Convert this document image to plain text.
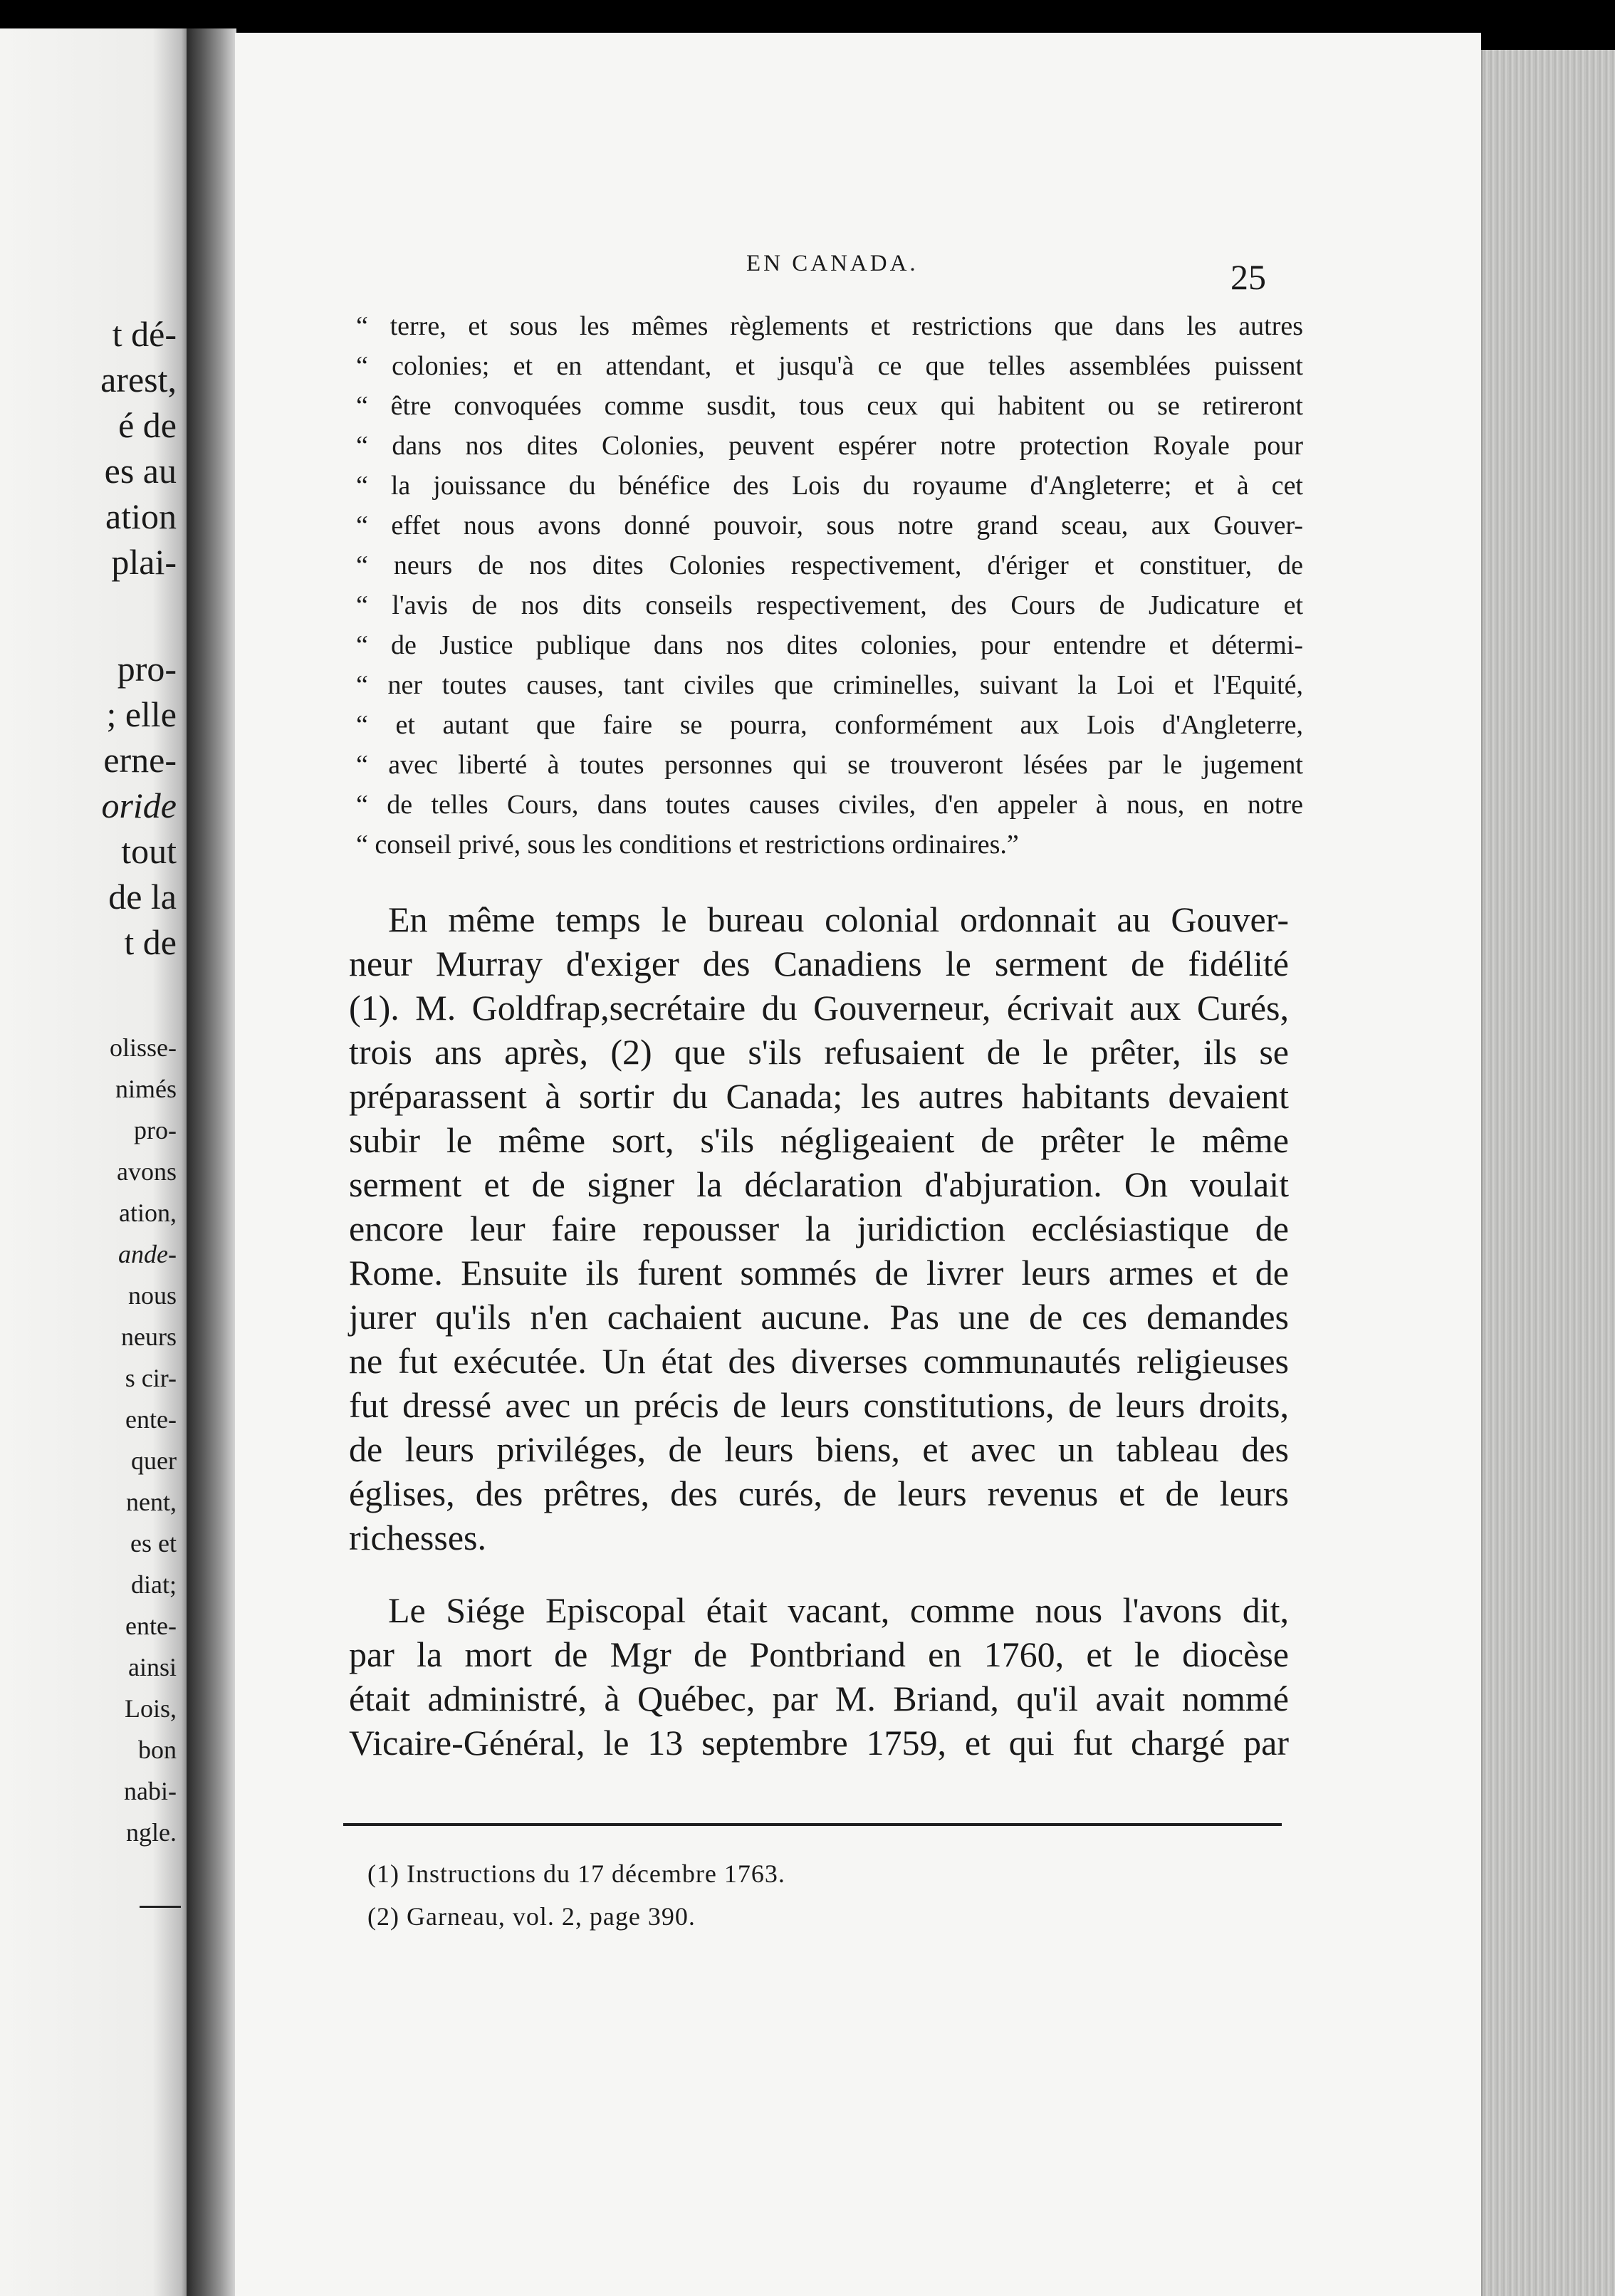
t dé-
arest,
é de
es au
ation
plai-
pro-
; elle
erne-
oride
tout
de la
t de
olisse-
nimés
pro-
avons
ation,
ande-
nous
neurs
s cir-
ente-
quer
nent,
es et
diat;
ente-
ainsi
Lois,
bon
nabi-
ngle.
EN CANADA.	25
“ terre, et sous les mêmes règlements et restrictions que dans les autres
“ colonies; et en attendant, et jusqu'à ce que telles assemblées puissent
“ être convoquées comme susdit, tous ceux qui habitent ou se retireront
“ dans nos dites Colonies, peuvent espérer notre protection Royale pour
“ la jouissance du bénéfice des Lois du royaume d'Angleterre; et à cet
“ effet nous avons donné pouvoir, sous notre grand sceau, aux Gouver-
“ neurs de nos dites Colonies respectivement, d'ériger et constituer, de
“ l'avis de nos dits conseils respectivement, des Cours de Judicature et
“ de Justice publique dans nos dites colonies, pour entendre et détermi-
“ ner toutes causes, tant civiles que criminelles, suivant la Loi et l'Equité,
“ et autant que faire se pourra, conformément aux Lois d'Angleterre,
“ avec liberté à toutes personnes qui se trouveront lésées par le jugement
“ de telles Cours, dans toutes causes civiles, d'en appeler à nous, en notre
“ conseil privé, sous les conditions et restrictions ordinaires.”
En même temps le bureau colonial ordonnait au Gouver-
neur Murray d'exiger des Canadiens le serment de fidélité
(1). M. Goldfrap,secrétaire du Gouverneur, écrivait aux Curés,
trois ans après, (2) que s'ils refusaient de le prêter, ils se
préparassent à sortir du Canada; les autres habitants devaient
subir le même sort, s'ils négligeaient de prêter le même
serment et de signer la déclaration d'abjuration. On voulait
encore leur faire repousser la juridiction ecclésiastique de
Rome. Ensuite ils furent sommés de livrer leurs armes et de
jurer qu'ils n'en cachaient aucune. Pas une de ces demandes
ne fut exécutée. Un état des diverses communautés religieuses
fut dressé avec un précis de leurs constitutions, de leurs droits,
de leurs priviléges, de leurs biens, et avec un tableau des
églises, des prêtres, des curés, de leurs revenus et de leurs
richesses.
Le Siége Episcopal était vacant, comme nous l'avons dit,
par la mort de Mgr de Pontbriand en 1760, et le diocèse
était administré, à Québec, par M. Briand, qu'il avait nommé
Vicaire-Général, le 13 septembre 1759, et qui fut chargé par
(1) Instructions du 17 décembre 1763.
(2) Garneau, vol. 2, page 390.
